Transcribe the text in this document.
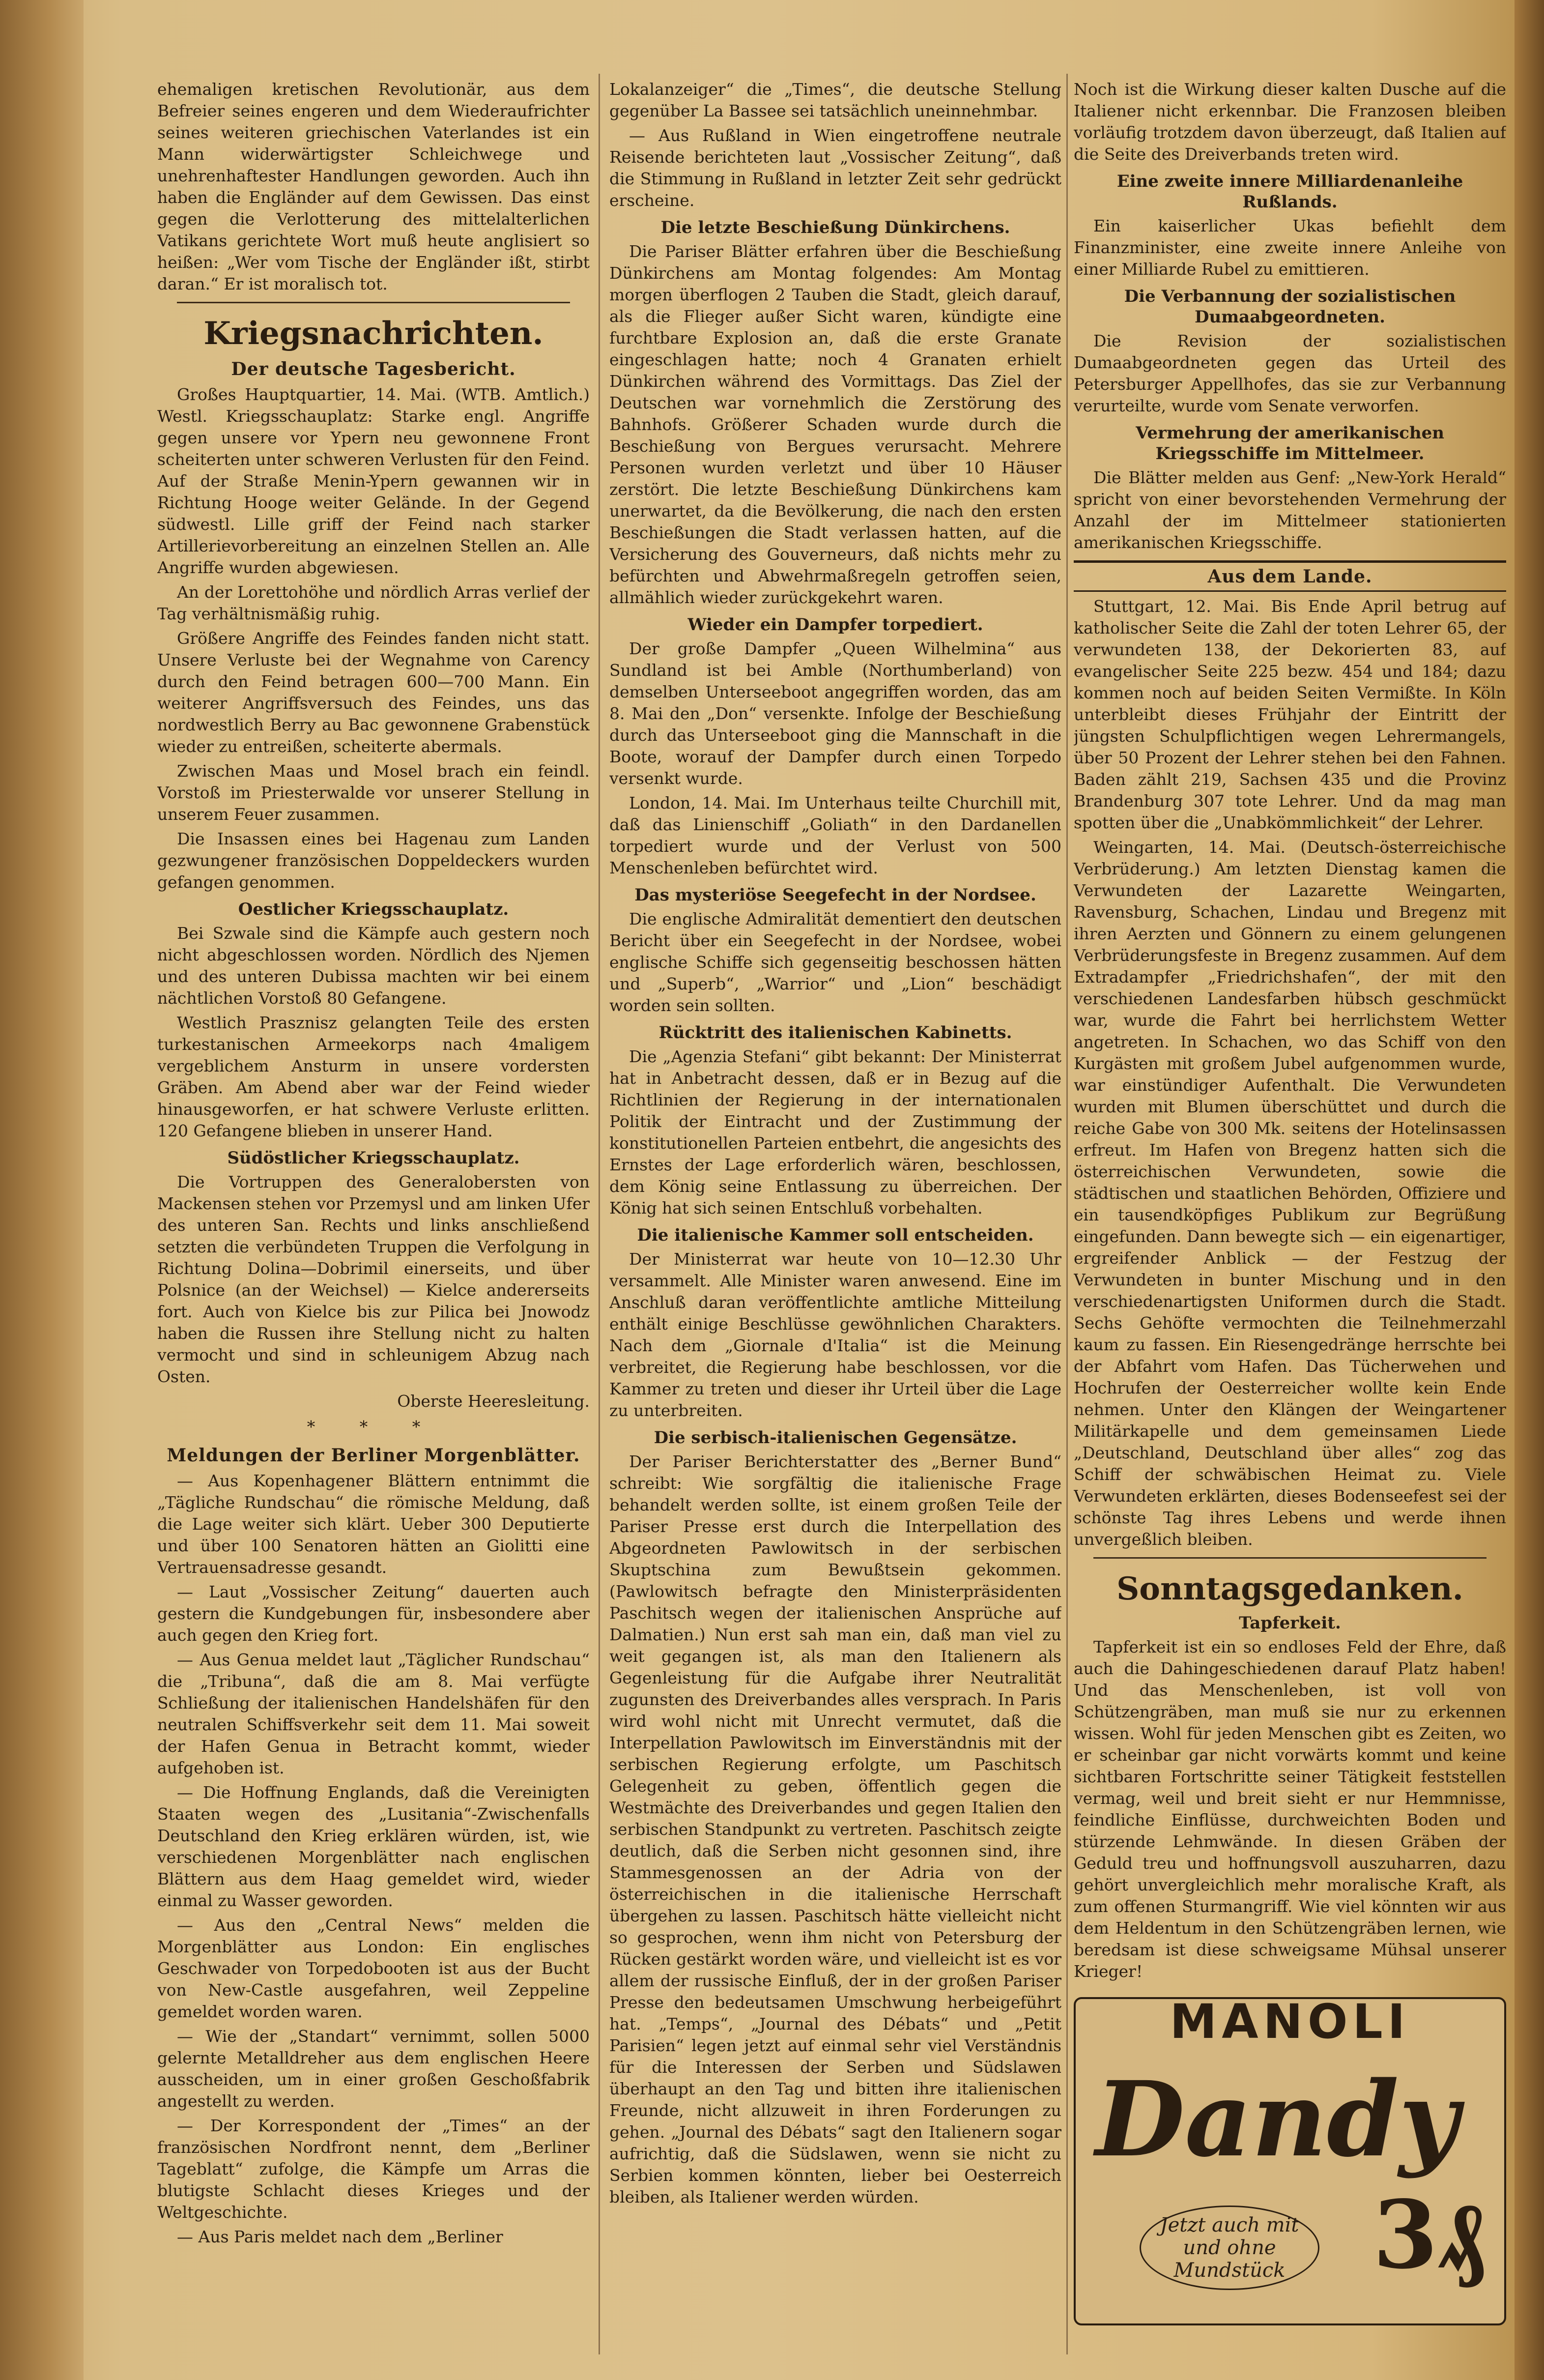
ehemaligen kretischen Revolutionär, aus dem Befreier seines engeren und dem Wiederaufrichter seines weiteren griechischen Vaterlandes ist ein Mann widerwärtigster Schleichwege und unehrenhaftester Handlungen geworden. Auch ihn haben die Engländer auf dem Gewissen. Das einst gegen die Verlotterung des mittelalterlichen Vatikans gerichtete Wort muß heute anglisiert so heißen: „Wer vom Tische der Engländer ißt, stirbt daran.“ Er ist moralisch tot.

Kriegsnachrichten.
Der deutsche Tagesbericht.

Großes Hauptquartier, 14. Mai. (WTB. Amtlich.) Westl. Kriegsschauplatz: Starke engl. Angriffe gegen unsere vor Ypern neu gewonnene Front scheiterten unter schweren Verlusten für den Feind. Auf der Straße Menin-Ypern gewannen wir in Richtung Hooge weiter Gelände. In der Gegend südwestl. Lille griff der Feind nach starker Artillerievorbereitung an einzelnen Stellen an. Alle Angriffe wurden abgewiesen.

An der Lorettohöhe und nördlich Arras verlief der Tag verhältnismäßig ruhig.

Größere Angriffe des Feindes fanden nicht statt. Unsere Verluste bei der Wegnahme von Carency durch den Feind betragen 600—700 Mann. Ein weiterer Angriffsversuch des Feindes, uns das nordwestlich Berry au Bac gewonnene Grabenstück wieder zu entreißen, scheiterte abermals.

Zwischen Maas und Mosel brach ein feindl. Vorstoß im Priesterwalde vor unserer Stellung in unserem Feuer zusammen.

Die Insassen eines bei Hagenau zum Landen gezwungener französischen Doppeldeckers wurden gefangen genommen.

Oestlicher Kriegsschauplatz.

Bei Szwale sind die Kämpfe auch gestern noch nicht abgeschlossen worden. Nördlich des Njemen und des unteren Dubissa machten wir bei einem nächtlichen Vorstoß 80 Gefangene.

Westlich Prasznisz gelangten Teile des ersten turkestanischen Armeekorps nach 4maligem vergeblichem Ansturm in unsere vordersten Gräben. Am Abend aber war der Feind wieder hinausgeworfen, er hat schwere Verluste erlitten. 120 Gefangene blieben in unserer Hand.

Südöstlicher Kriegsschauplatz.

Die Vortruppen des Generalobersten von Mackensen stehen vor Przemysl und am linken Ufer des unteren San. Rechts und links anschließend setzten die verbündeten Truppen die Verfolgung in Richtung Dolina—Dobrimil einerseits, und über Polsnice (an der Weichsel) — Kielce andererseits fort. Auch von Kielce bis zur Pilica bei Jnowodz haben die Russen ihre Stellung nicht zu halten vermocht und sind in schleunigem Abzug nach Osten.

Oberste Heeresleitung.

* * *
Meldungen der Berliner Morgenblätter.

— Aus Kopenhagener Blättern entnimmt die „Tägliche Rundschau“ die römische Meldung, daß die Lage weiter sich klärt. Ueber 300 Deputierte und über 100 Senatoren hätten an Giolitti eine Vertrauensadresse gesandt.

— Laut „Vossischer Zeitung“ dauerten auch gestern die Kundgebungen für, insbesondere aber auch gegen den Krieg fort.

— Aus Genua meldet laut „Täglicher Rundschau“ die „Tribuna“, daß die am 8. Mai verfügte Schließung der italienischen Handelshäfen für den neutralen Schiffsverkehr seit dem 11. Mai soweit der Hafen Genua in Betracht kommt, wieder aufgehoben ist.

— Die Hoffnung Englands, daß die Vereinigten Staaten wegen des „Lusitania“-Zwischenfalls Deutschland den Krieg erklären würden, ist, wie verschiedenen Morgenblätter nach englischen Blättern aus dem Haag gemeldet wird, wieder einmal zu Wasser geworden.

— Aus den „Central News“ melden die Morgenblätter aus London: Ein englisches Geschwader von Torpedobooten ist aus der Bucht von New-Castle ausgefahren, weil Zeppeline gemeldet worden waren.

— Wie der „Standart“ vernimmt, sollen 5000 gelernte Metalldreher aus dem englischen Heere ausscheiden, um in einer großen Geschoßfabrik angestellt zu werden.

— Der Korrespondent der „Times“ an der französischen Nordfront nennt, dem „Berliner Tageblatt“ zufolge, die Kämpfe um Arras die blutigste Schlacht dieses Krieges und der Weltgeschichte.

— Aus Paris meldet nach dem „Berliner

Lokalanzeiger“ die „Times“, die deutsche Stellung gegenüber La Bassee sei tatsächlich uneinnehmbar.

— Aus Rußland in Wien eingetroffene neutrale Reisende berichteten laut „Vossischer Zeitung“, daß die Stimmung in Rußland in letzter Zeit sehr gedrückt erscheine.

Die letzte Beschießung Dünkirchens.

Die Pariser Blätter erfahren über die Beschießung Dünkirchens am Montag folgendes: Am Montag morgen überflogen 2 Tauben die Stadt, gleich darauf, als die Flieger außer Sicht waren, kündigte eine furchtbare Explosion an, daß die erste Granate eingeschlagen hatte; noch 4 Granaten erhielt Dünkirchen während des Vormittags. Das Ziel der Deutschen war vornehmlich die Zerstörung des Bahnhofs. Größerer Schaden wurde durch die Beschießung von Bergues verursacht. Mehrere Personen wurden verletzt und über 10 Häuser zerstört. Die letzte Beschießung Dünkirchens kam unerwartet, da die Bevölkerung, die nach den ersten Beschießungen die Stadt verlassen hatten, auf die Versicherung des Gouverneurs, daß nichts mehr zu befürchten und Abwehrmaßregeln getroffen seien, allmählich wieder zurückgekehrt waren.

Wieder ein Dampfer torpediert.

Der große Dampfer „Queen Wilhelmina“ aus Sundland ist bei Amble (Northumberland) von demselben Unterseeboot angegriffen worden, das am 8. Mai den „Don“ versenkte. Infolge der Beschießung durch das Unterseeboot ging die Mannschaft in die Boote, worauf der Dampfer durch einen Torpedo versenkt wurde.

London, 14. Mai. Im Unterhaus teilte Churchill mit, daß das Linienschiff „Goliath“ in den Dardanellen torpediert wurde und der Verlust von 500 Menschenleben befürchtet wird.

Das mysteriöse Seegefecht in der Nordsee.

Die englische Admiralität dementiert den deutschen Bericht über ein Seegefecht in der Nordsee, wobei englische Schiffe sich gegenseitig beschossen hätten und „Superb“, „Warrior“ und „Lion“ beschädigt worden sein sollten.

Rücktritt des italienischen Kabinetts.

Die „Agenzia Stefani“ gibt bekannt: Der Ministerrat hat in Anbetracht dessen, daß er in Bezug auf die Richtlinien der Regierung in der internationalen Politik der Eintracht und der Zustimmung der konstitutionellen Parteien entbehrt, die angesichts des Ernstes der Lage erforderlich wären, beschlossen, dem König seine Entlassung zu überreichen. Der König hat sich seinen Entschluß vorbehalten.

Die italienische Kammer soll entscheiden.

Der Ministerrat war heute von 10—12.30 Uhr versammelt. Alle Minister waren anwesend. Eine im Anschluß daran veröffentlichte amtliche Mitteilung enthält einige Beschlüsse gewöhnlichen Charakters. Nach dem „Giornale d'Italia“ ist die Meinung verbreitet, die Regierung habe beschlossen, vor die Kammer zu treten und dieser ihr Urteil über die Lage zu unterbreiten.

Die serbisch-italienischen Gegensätze.

Der Pariser Berichterstatter des „Berner Bund“ schreibt: Wie sorgfältig die italienische Frage behandelt werden sollte, ist einem großen Teile der Pariser Presse erst durch die Interpellation des Abgeordneten Pawlowitsch in der serbischen Skuptschina zum Bewußtsein gekommen. (Pawlowitsch befragte den Ministerpräsidenten Paschitsch wegen der italienischen Ansprüche auf Dalmatien.) Nun erst sah man ein, daß man viel zu weit gegangen ist, als man den Italienern als Gegenleistung für die Aufgabe ihrer Neutralität zugunsten des Dreiverbandes alles versprach. In Paris wird wohl nicht mit Unrecht vermutet, daß die Interpellation Pawlowitsch im Einverständnis mit der serbischen Regierung erfolgte, um Paschitsch Gelegenheit zu geben, öffentlich gegen die Westmächte des Dreiverbandes und gegen Italien den serbischen Standpunkt zu vertreten. Paschitsch zeigte deutlich, daß die Serben nicht gesonnen sind, ihre Stammesgenossen an der Adria von der österreichischen in die italienische Herrschaft übergehen zu lassen. Paschitsch hätte vielleicht nicht so gesprochen, wenn ihm nicht von Petersburg der Rücken gestärkt worden wäre, und vielleicht ist es vor allem der russische Einfluß, der in der großen Pariser Presse den bedeutsamen Umschwung herbeigeführt hat. „Temps“, „Journal des Débats“ und „Petit Parisien“ legen jetzt auf einmal sehr viel Verständnis für die Interessen der Serben und Südslawen überhaupt an den Tag und bitten ihre italienischen Freunde, nicht allzuweit in ihren Forderungen zu gehen. „Journal des Débats“ sagt den Italienern sogar aufrichtig, daß die Südslawen, wenn sie nicht zu Serbien kommen könnten, lieber bei Oesterreich bleiben, als Italiener werden würden.

Noch ist die Wirkung dieser kalten Dusche auf die Italiener nicht erkennbar. Die Franzosen bleiben vorläufig trotzdem davon überzeugt, daß Italien auf die Seite des Dreiverbands treten wird.

Eine zweite innere Milliardenanleihe Rußlands.

Ein kaiserlicher Ukas befiehlt dem Finanzminister, eine zweite innere Anleihe von einer Milliarde Rubel zu emittieren.

Die Verbannung der sozialistischen Dumaabgeordneten.

Die Revision der sozialistischen Dumaabgeordneten gegen das Urteil des Petersburger Appellhofes, das sie zur Verbannung verurteilte, wurde vom Senate verworfen.

Vermehrung der amerikanischen Kriegsschiffe im Mittelmeer.

Die Blätter melden aus Genf: „New-York Herald“ spricht von einer bevorstehenden Vermehrung der Anzahl der im Mittelmeer stationierten amerikanischen Kriegsschiffe.

Aus dem Lande.

Stuttgart, 12. Mai. Bis Ende April betrug auf katholischer Seite die Zahl der toten Lehrer 65, der verwundeten 138, der Dekorierten 83, auf evangelischer Seite 225 bezw. 454 und 184; dazu kommen noch auf beiden Seiten Vermißte. In Köln unterbleibt dieses Frühjahr der Eintritt der jüngsten Schulpflichtigen wegen Lehrermangels, über 50 Prozent der Lehrer stehen bei den Fahnen. Baden zählt 219, Sachsen 435 und die Provinz Brandenburg 307 tote Lehrer. Und da mag man spotten über die „Unabkömmlichkeit“ der Lehrer.

Weingarten, 14. Mai. (Deutsch-österreichische Verbrüderung.) Am letzten Dienstag kamen die Verwundeten der Lazarette Weingarten, Ravensburg, Schachen, Lindau und Bregenz mit ihren Aerzten und Gönnern zu einem gelungenen Verbrüderungsfeste in Bregenz zusammen. Auf dem Extradampfer „Friedrichshafen“, der mit den verschiedenen Landesfarben hübsch geschmückt war, wurde die Fahrt bei herrlichstem Wetter angetreten. In Schachen, wo das Schiff von den Kurgästen mit großem Jubel aufgenommen wurde, war einstündiger Aufenthalt. Die Verwundeten wurden mit Blumen überschüttet und durch die reiche Gabe von 300 Mk. seitens der Hotelinsassen erfreut. Im Hafen von Bregenz hatten sich die österreichischen Verwundeten, sowie die städtischen und staatlichen Behörden, Offiziere und ein tausendköpfiges Publikum zur Begrüßung eingefunden. Dann bewegte sich — ein eigenartiger, ergreifender Anblick — der Festzug der Verwundeten in bunter Mischung und in den verschiedenartigsten Uniformen durch die Stadt. Sechs Gehöfte vermochten die Teilnehmerzahl kaum zu fassen. Ein Riesengedränge herrschte bei der Abfahrt vom Hafen. Das Tücherwehen und Hochrufen der Oesterreicher wollte kein Ende nehmen. Unter den Klängen der Weingartener Militärkapelle und dem gemeinsamen Liede „Deutschland, Deutschland über alles“ zog das Schiff der schwäbischen Heimat zu. Viele Verwundeten erklärten, dieses Bodenseefest sei der schönste Tag ihres Lebens und werde ihnen unvergeßlich bleiben.

Sonntagsgedanken.
Tapferkeit.

Tapferkeit ist ein so endloses Feld der Ehre, daß auch die Dahingeschiedenen darauf Platz haben! Und das Menschenleben, ist voll von Schützengräben, man muß sie nur zu erkennen wissen. Wohl für jeden Menschen gibt es Zeiten, wo er scheinbar gar nicht vorwärts kommt und keine sichtbaren Fortschritte seiner Tätigkeit feststellen vermag, weil und breit sieht er nur Hemmnisse, feindliche Einflüsse, durchweichten Boden und stürzende Lehmwände. In diesen Gräben der Geduld treu und hoffnungsvoll auszuharren, dazu gehört unvergleichlich mehr moralische Kraft, als zum offenen Sturmangriff. Wie viel könnten wir aus dem Heldentum in den Schützengräben lernen, wie beredsam ist diese schweigsame Mühsal unserer Krieger!

MANOLI
Dandy
Jetzt auch mit und ohne Mundstück 3₰
